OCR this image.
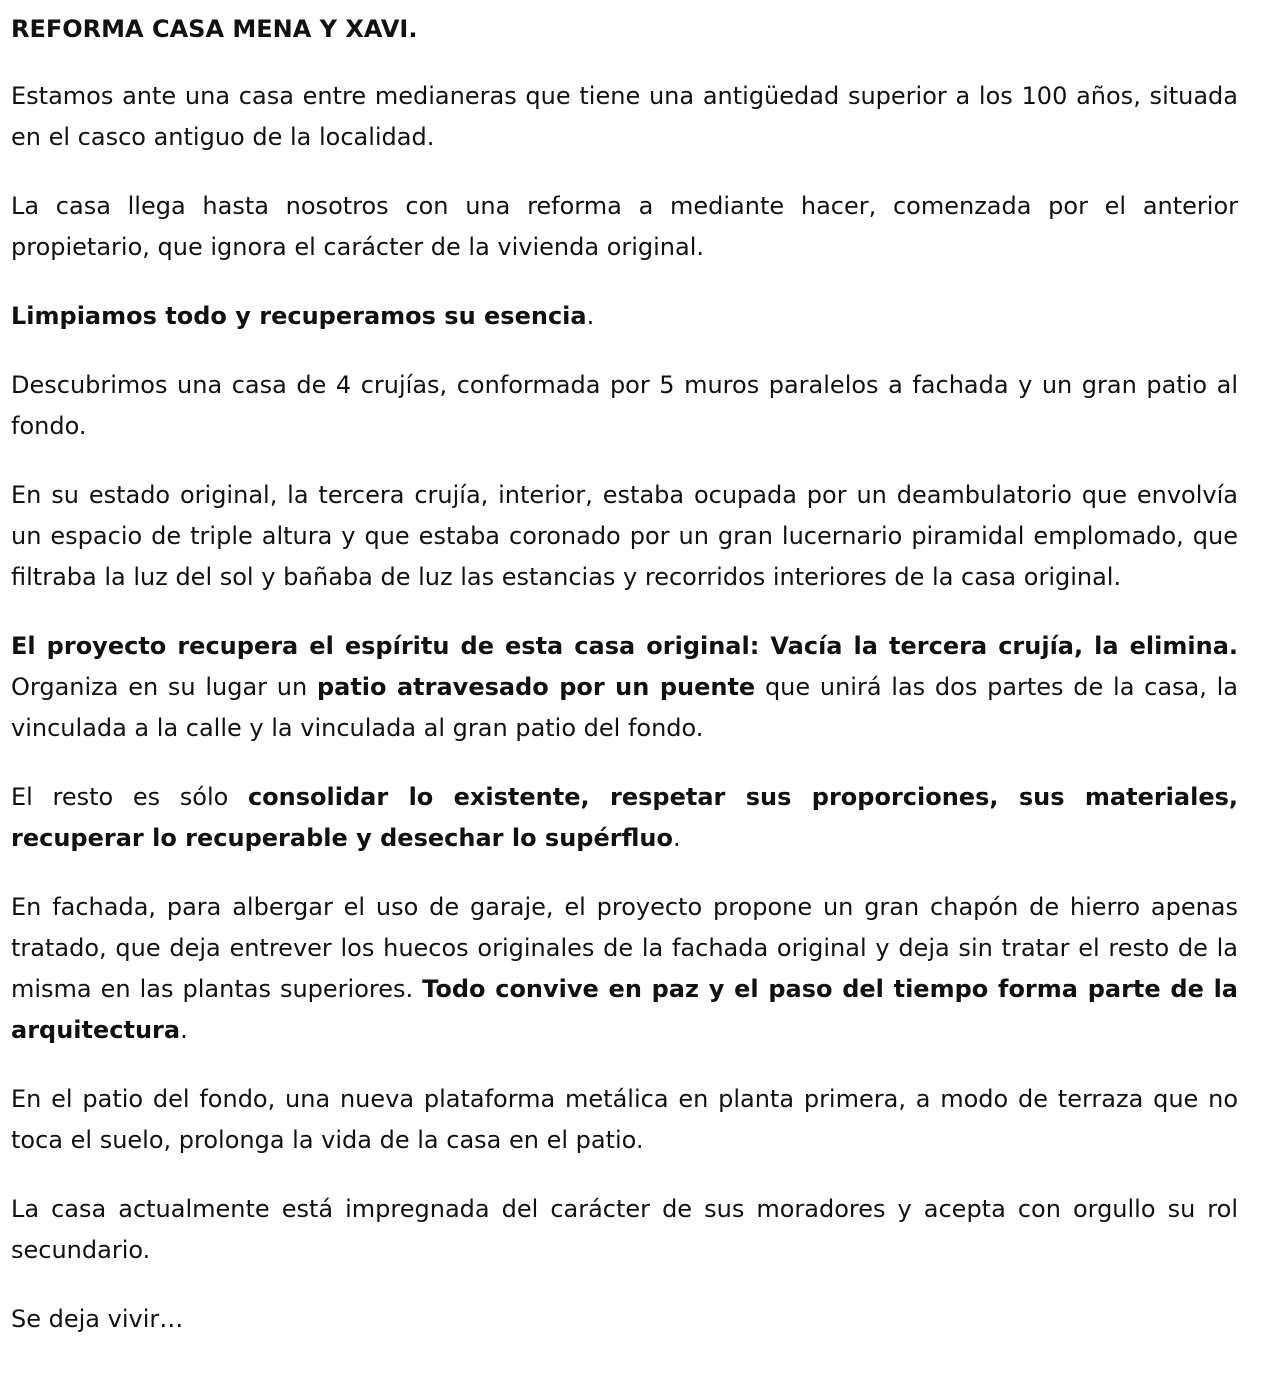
REFORMA CASA MENA Y XAVI.

Estamos ante una casa entre medianeras que tiene una antigüedad superior a los 100 años, situada en el casco antiguo de la localidad.

La casa llega hasta nosotros con una reforma a mediante hacer, comenzada por el anterior propietario, que ignora el carácter de la vivienda original.

Limpiamos todo y recuperamos su esencia.

Descubrimos una casa de 4 crujías, conformada por 5 muros paralelos a fachada y un gran patio al fondo.

En su estado original, la tercera crujía, interior, estaba ocupada por un deambulatorio que envolvía un espacio de triple altura y que estaba coronado por un gran lucernario piramidal emplomado, que filtraba la luz del sol y bañaba de luz las estancias y recorridos interiores de la casa original.

El proyecto recupera el espíritu de esta casa original: Vacía la tercera crujía, la elimina. Organiza en su lugar un patio atravesado por un puente que unirá las dos partes de la casa, la vinculada a la calle y la vinculada al gran patio del fondo.

El resto es sólo consolidar lo existente, respetar sus proporciones, sus materiales, recuperar lo recuperable y desechar lo supérfluo.

En fachada, para albergar el uso de garaje, el proyecto propone un gran chapón de hierro apenas tratado, que deja entrever los huecos originales de la fachada original y deja sin tratar el resto de la misma en las plantas superiores. Todo convive en paz y el paso del tiempo forma parte de la arquitectura.

En el patio del fondo, una nueva plataforma metálica en planta primera, a modo de terraza que no toca el suelo, prolonga la vida de la casa en el patio.

La casa actualmente está impregnada del carácter de sus moradores y acepta con orgullo su rol secundario.

Se deja vivir…
